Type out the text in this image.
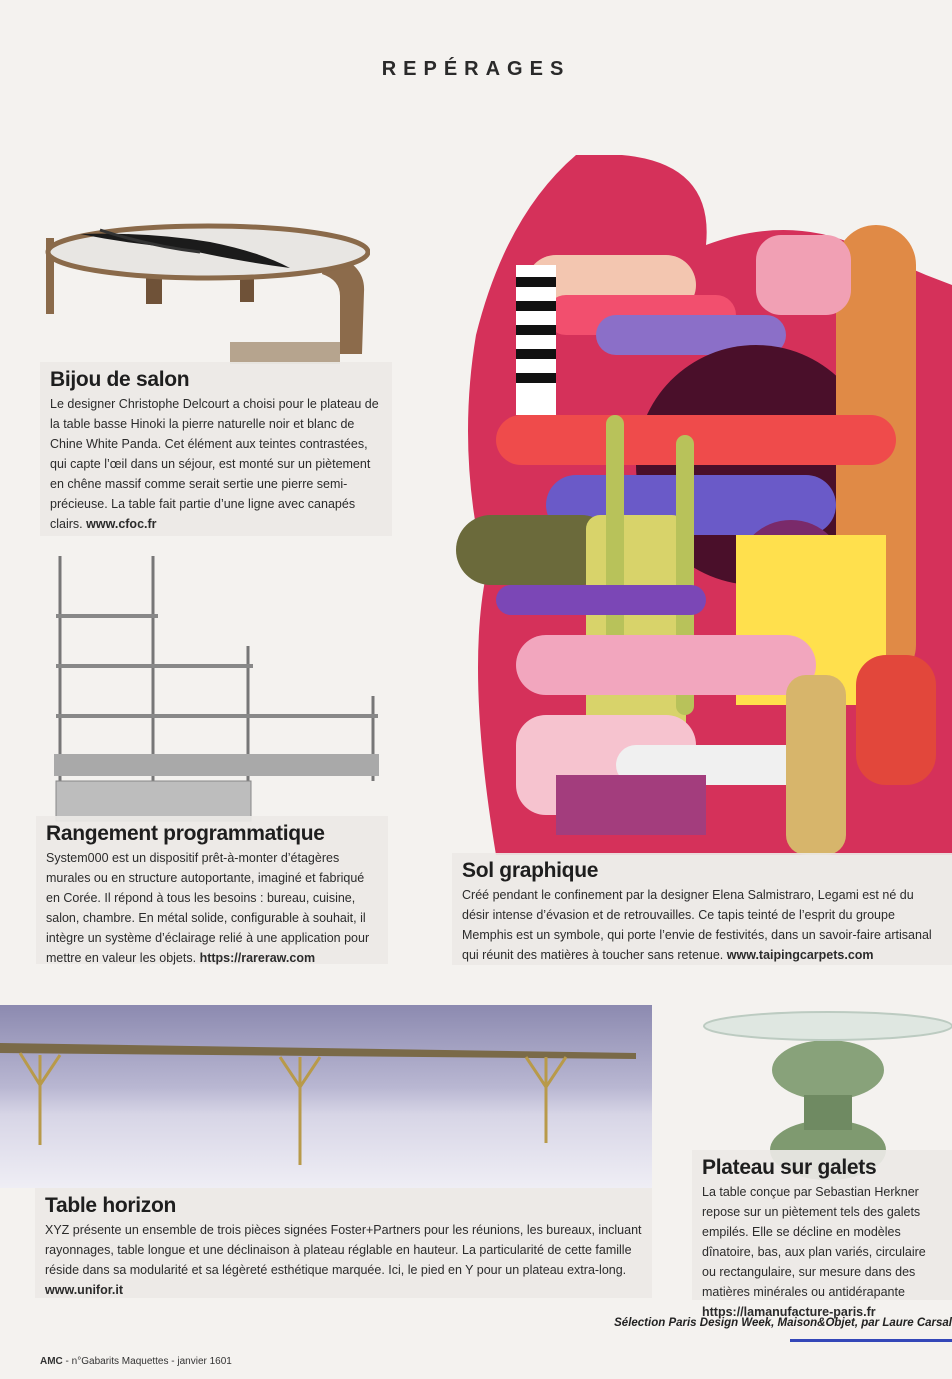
REPÉRAGES
Bijou de salon

Le designer Christophe Delcourt a choisi pour le plateau de la table basse Hinoki la pierre naturelle noir et blanc de Chine White Panda. Cet élément aux teintes contrastées, qui capte l’œil dans un séjour, est monté sur un piètement en chêne massif comme serait sertie une pierre semi-précieuse. La table fait partie d’une ligne avec canapés clairs. www.cfoc.fr

Rangement programmatique

System000 est un dispositif prêt-à-monter d’étagères murales ou en structure autoportante, imaginé et fabriqué en Corée. Il répond à tous les besoins : bureau, cuisine, salon, chambre. En métal solide, configurable à souhait, il intègre un système d’éclairage relié à une application pour mettre en valeur les objets. https://rareraw.com

Sol graphique

Créé pendant le confinement par la designer Elena Salmistraro, Legami est né du désir intense d’évasion et de retrouvailles. Ce tapis teinté de l’esprit du groupe Memphis est un symbole, qui porte l’envie de festivités, dans un savoir-faire artisanal qui réunit des matières à toucher sans retenue. www.taipingcarpets.com

Table horizon

XYZ présente un ensemble de trois pièces signées Foster+Partners pour les réunions, les bureaux, incluant rayonnages, table longue et une déclinaison à plateau réglable en hauteur. La particularité de cette famille réside dans sa modularité et sa légèreté esthétique marquée. Ici, le pied en Y pour un plateau extra-long. www.unifor.it

Plateau sur galets

La table conçue par Sebastian Herkner repose sur un piètement tels des galets empilés. Elle se décline en modèles dînatoire, bas, aux plan variés, circulaire ou rectangulaire, sur mesure dans des matières minérales ou antidérapante https://lamanufacture-paris.fr

Sélection Paris Design Week, Maison&Objet, par Laure Carsal
AMC - n°Gabarits Maquettes - janvier 1601
